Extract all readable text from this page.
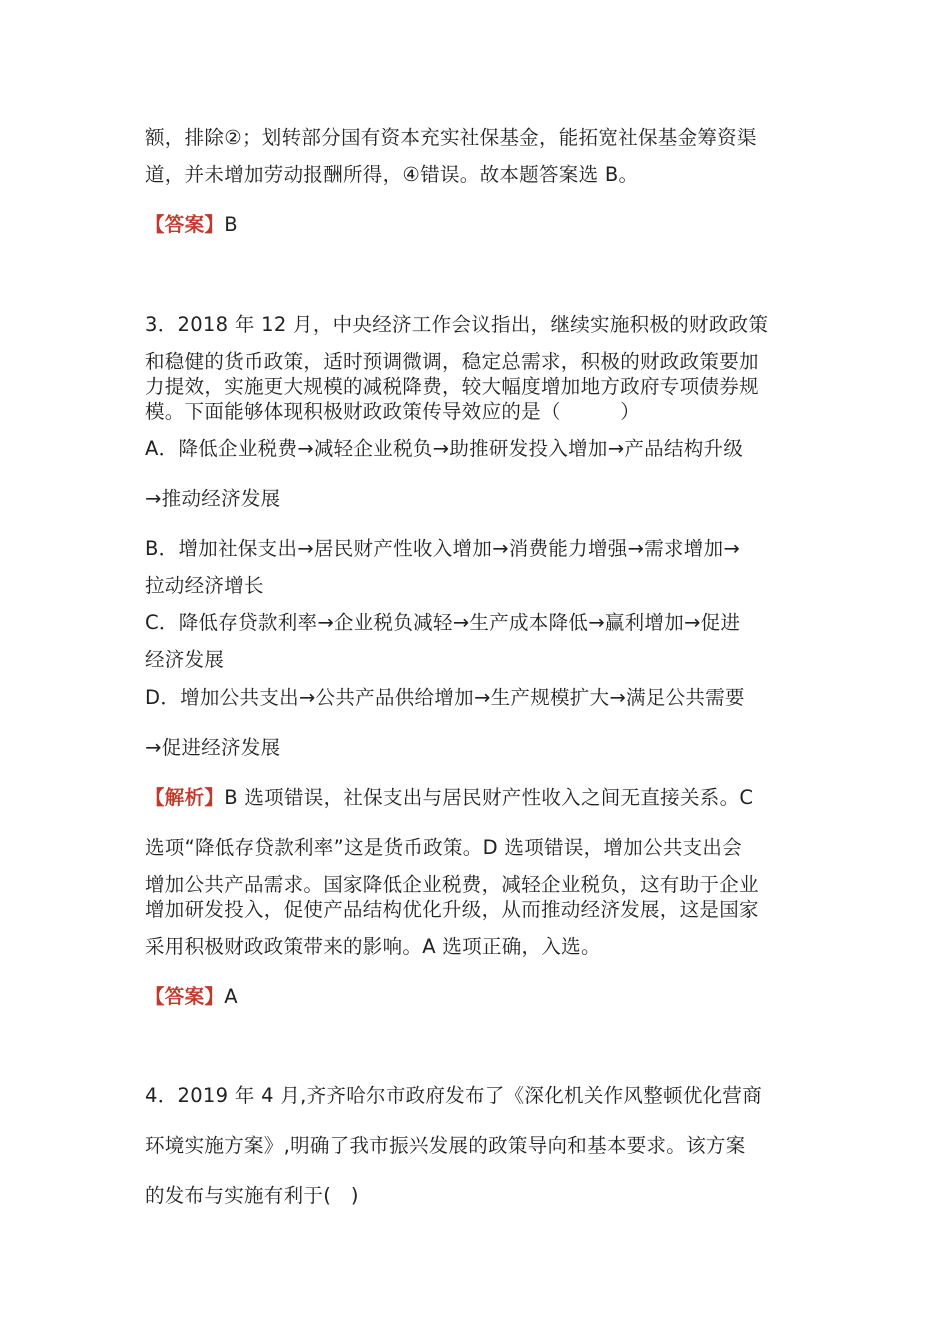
额，排除②；划转部分国有资本充实社保基金，能拓宽社保基金筹资渠
道，并未增加劳动报酬所得，④错误。故本题答案选 B。
【答案】B
3．2018 年 12 月，中央经济工作会议指出，继续实施积极的财政政策
和稳健的货币政策，适时预调微调，稳定总需求，积极的财政政策要加
力提效，实施更大规模的减税降费，较大幅度增加地方政府专项债券规
模。下面能够体现积极财政政策传导效应的是（　　　）
A．降低企业税费→减轻企业税负→助推研发投入增加→产品结构升级
→推动经济发展
B．增加社保支出→居民财产性收入增加→消费能力增强→需求增加→
拉动经济增长
C．降低存贷款利率→企业税负减轻→生产成本降低→赢利增加→促进
经济发展
D．增加公共支出→公共产品供给增加→生产规模扩大→满足公共需要
→促进经济发展
【解析】B 选项错误，社保支出与居民财产性收入之间无直接关系。C
选项“降低存贷款利率”这是货币政策。D 选项错误，增加公共支出会
增加公共产品需求。国家降低企业税费，减轻企业税负，这有助于企业
增加研发投入，促使产品结构优化升级，从而推动经济发展，这是国家
采用积极财政政策带来的影响。A 选项正确，入选。
【答案】A
4．2019 年 4 月,齐齐哈尔市政府发布了《深化机关作风整顿优化营商
环境实施方案》,明确了我市振兴发展的政策导向和基本要求。该方案
的发布与实施有利于(　)
